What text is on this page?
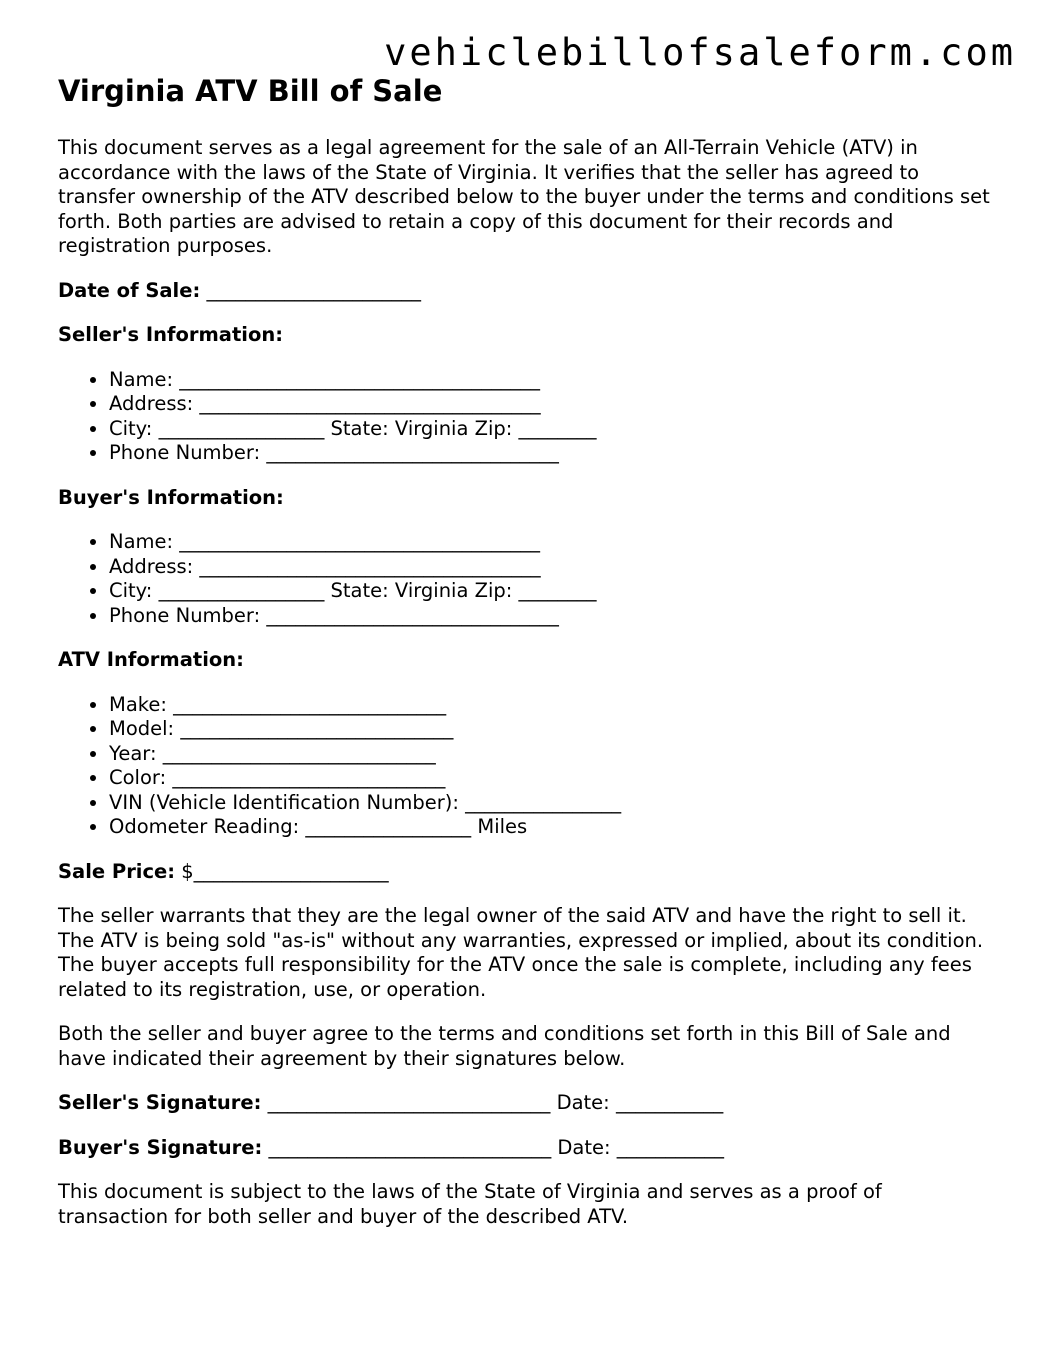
vehiclebillofsaleform.com
Virginia ATV Bill of Sale

This document serves as a legal agreement for the sale of an All-Terrain Vehicle (ATV) in accordance with the laws of the State of Virginia. It verifies that the seller has agreed to transfer ownership of the ATV described below to the buyer under the terms and conditions set forth. Both parties are advised to retain a copy of this document for their records and registration purposes.

Date of Sale: ______________________
Seller's Information:
• Name: _____________________________________
• Address: ___________________________________
• City: _________________ State: Virginia Zip: ________
• Phone Number: ______________________________
Buyer's Information:
• Name: _____________________________________
• Address: ___________________________________
• City: _________________ State: Virginia Zip: ________
• Phone Number: ______________________________
ATV Information:
• Make: ____________________________
• Model: ____________________________
• Year: ____________________________
• Color: ____________________________
• VIN (Vehicle Identification Number): ________________
• Odometer Reading: _________________ Miles
Sale Price: $____________________

The seller warrants that they are the legal owner of the said ATV and have the right to sell it. The ATV is being sold "as-is" without any warranties, expressed or implied, about its condition. The buyer accepts full responsibility for the ATV once the sale is complete, including any fees related to its registration, use, or operation.

Both the seller and buyer agree to the terms and conditions set forth in this Bill of Sale and have indicated their agreement by their signatures below.

Seller's Signature: _____________________________ Date: ___________
Buyer's Signature: _____________________________ Date: ___________

This document is subject to the laws of the State of Virginia and serves as a proof of transaction for both seller and buyer of the described ATV.
